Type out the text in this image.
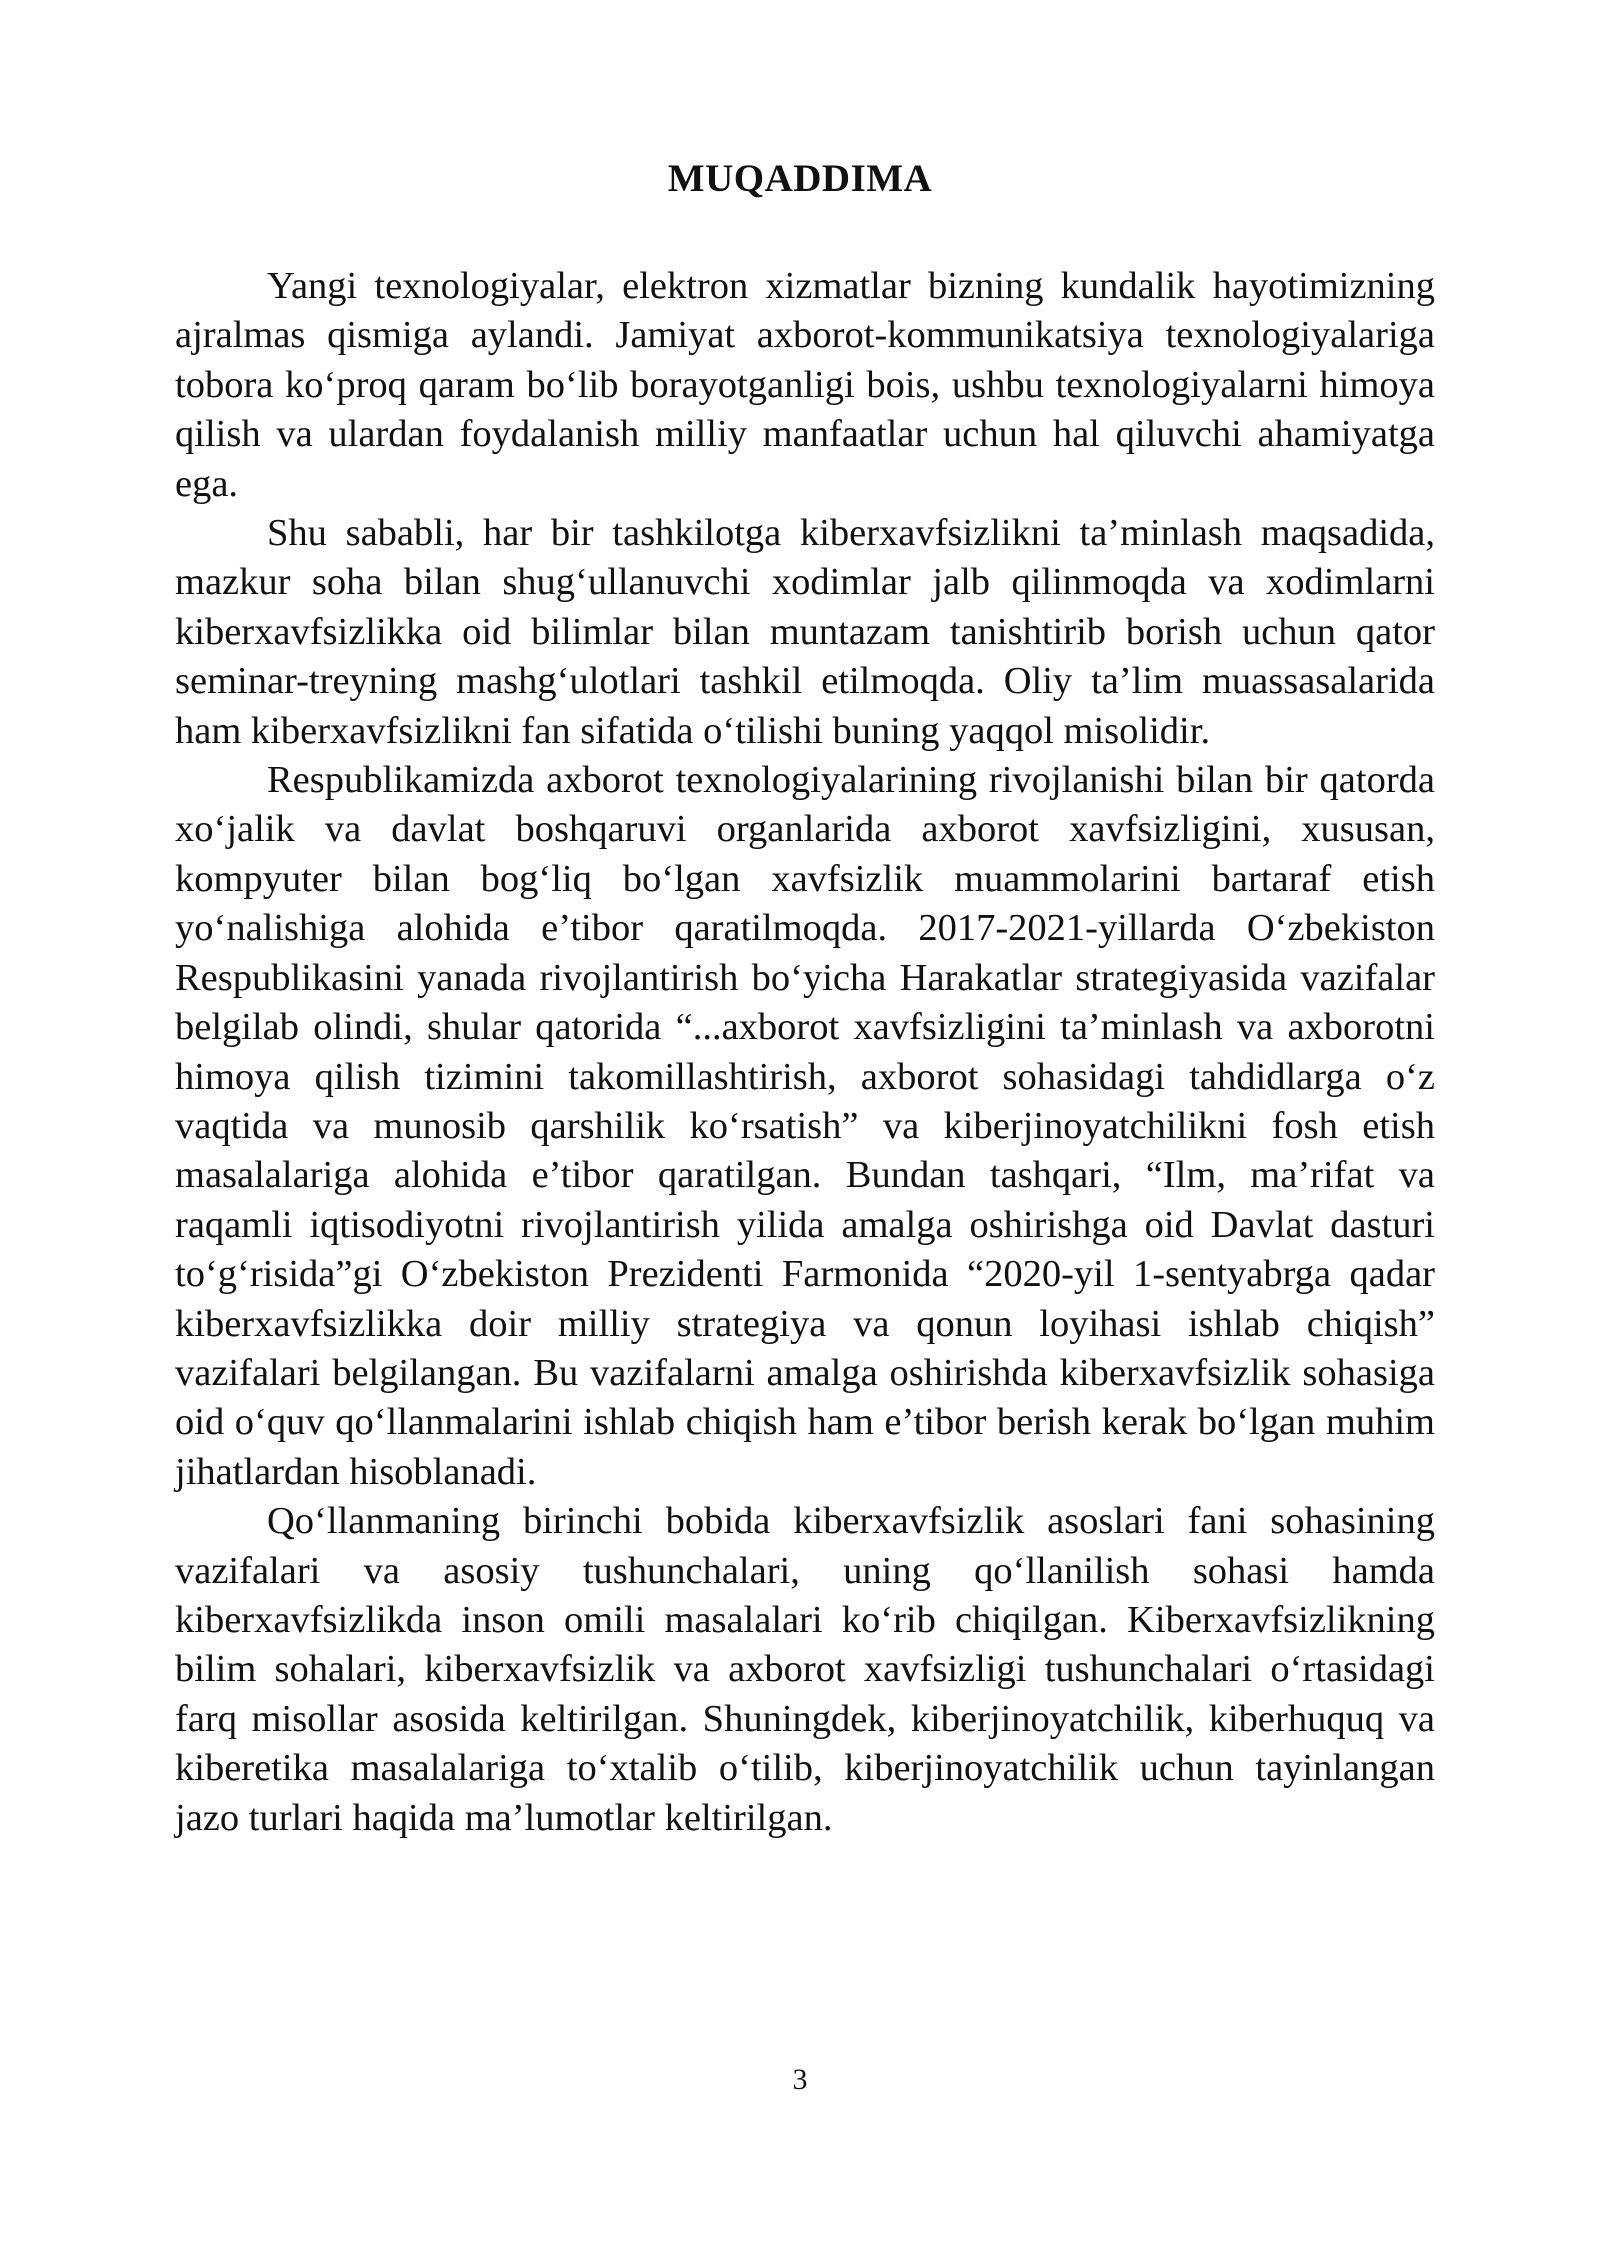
MUQADDIMA

Yangi texnologiyalar, elektron xizmatlar bizning kundalik hayotimizning ajralmas qismiga aylandi. Jamiyat axborot-kommunikatsiya texnologiyalariga tobora ko‘proq qaram bo‘lib borayotganligi bois, ushbu texnologiyalarni himoya qilish va ulardan foydalanish milliy manfaatlar uchun hal qiluvchi ahamiyatga ega.

Shu sababli, har bir tashkilotga kiberxavfsizlikni ta’minlash maqsadida, mazkur soha bilan shug‘ullanuvchi xodimlar jalb qilinmoqda va xodimlarni kiberxavfsizlikka oid bilimlar bilan muntazam tanishtirib borish uchun qator seminar-treyning mashg‘ulotlari tashkil etilmoqda. Oliy ta’lim muassasalarida ham kiberxavfsizlikni fan sifatida o‘tilishi buning yaqqol misolidir.

Respublikamizda axborot texnologiyalarining rivojlanishi bilan bir qatorda xo‘jalik va davlat boshqaruvi organlarida axborot xavfsizligini, xususan, kompyuter bilan bog‘liq bo‘lgan xavfsizlik muammolarini bartaraf etish yo‘nalishiga alohida e’tibor qaratilmoqda. 2017-2021-yillarda O‘zbekiston Respublikasini yanada rivojlantirish bo‘yicha Harakatlar strategiyasida vazifalar belgilab olindi, shular qatorida “...axborot xavfsizligini ta’minlash va axborotni himoya qilish tizimini takomillashtirish, axborot sohasidagi tahdidlarga o‘z vaqtida va munosib qarshilik ko‘rsatish” va kiberjinoyatchilikni fosh etish masalalariga alohida e’tibor qaratilgan. Bundan tashqari, “Ilm, ma’rifat va raqamli iqtisodiyotni rivojlantirish yilida amalga oshirishga oid Davlat dasturi to‘g‘risida”gi O‘zbekiston Prezidenti Farmonida “2020-yil 1-sentyabrga qadar kiberxavfsizlikka doir milliy strategiya va qonun loyihasi ishlab chiqish” vazifalari belgilangan. Bu vazifalarni amalga oshirishda kiberxavfsizlik sohasiga oid o‘quv qo‘llanmalarini ishlab chiqish ham e’tibor berish kerak bo‘lgan muhim jihatlardan hisoblanadi.

Qo‘llanmaning birinchi bobida kiberxavfsizlik asoslari fani sohasining vazifalari va asosiy tushunchalari, uning qo‘llanilish sohasi hamda kiberxavfsizlikda inson omili masalalari ko‘rib chiqilgan. Kiberxavfsizlikning bilim sohalari, kiberxavfsizlik va axborot xavfsizligi tushunchalari o‘rtasidagi farq misollar asosida keltirilgan. Shuningdek, kiberjinoyatchilik, kiberhuquq va kiberetika masalalariga to‘xtalib o‘tilib, kiberjinoyatchilik uchun tayinlangan jazo turlari haqida ma’lumotlar keltirilgan.

3
